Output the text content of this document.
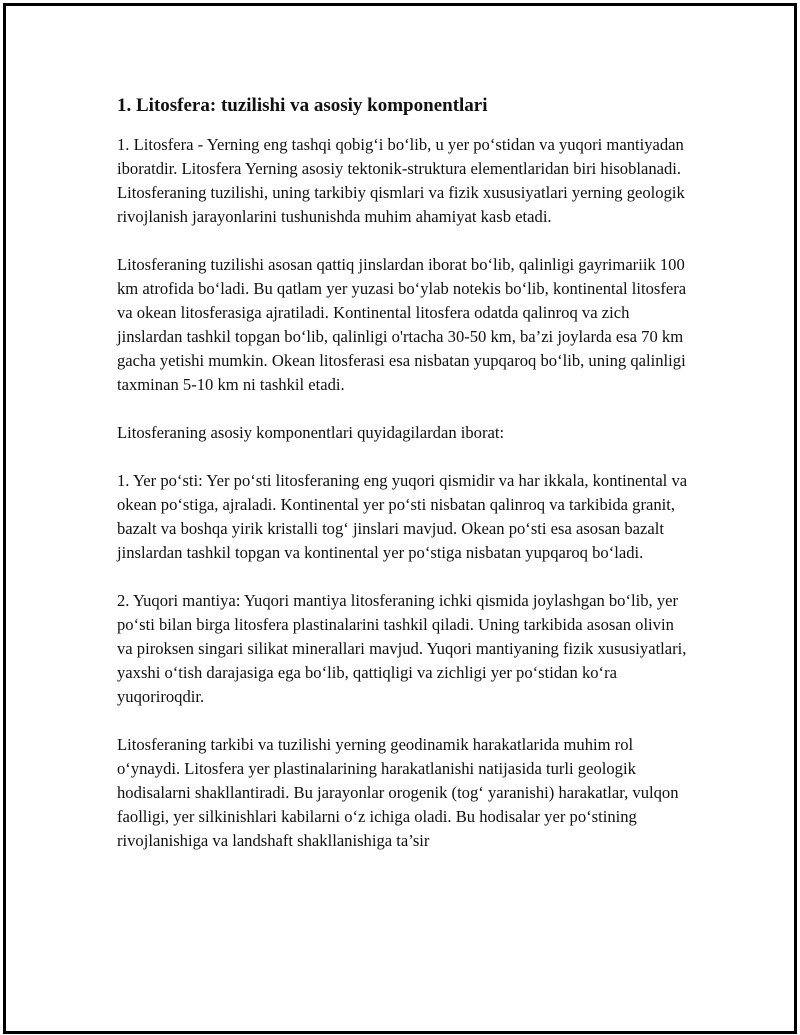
1. Litosfera: tuzilishi va asosiy komponentlari

1. Litosfera - Yerning eng tashqi qobig‘i bo‘lib, u yer po‘stidan va yuqori mantiyadan iboratdir. Litosfera Yerning asosiy tektonik-struktura elementlaridan biri hisoblanadi. Litosferaning tuzilishi, uning tarkibiy qismlari va fizik xususiyatlari yerning geologik rivojlanish jarayonlarini tushunishda muhim ahamiyat kasb etadi.

Litosferaning tuzilishi asosan qattiq jinslardan iborat bo‘lib, qalinligi gayrimariik 100 km atrofida bo‘ladi. Bu qatlam yer yuzasi bo‘ylab notekis bo‘lib, kontinental litosfera va okean litosferasiga ajratiladi. Kontinental litosfera odatda qalinroq va zich jinslardan tashkil topgan bo‘lib, qalinligi o'rtacha 30-50 km, ba’zi joylarda esa 70 km gacha yetishi mumkin. Okean litosferasi esa nisbatan yupqaroq bo‘lib, uning qalinligi taxminan 5-10 km ni tashkil etadi.

Litosferaning asosiy komponentlari quyidagilardan iborat:

1. Yer po‘sti: Yer po‘sti litosferaning eng yuqori qismidir va har ikkala, kontinental va okean po‘stiga, ajraladi. Kontinental yer po‘sti nisbatan qalinroq va tarkibida granit, bazalt va boshqa yirik kristalli tog‘ jinslari mavjud. Okean po‘sti esa asosan bazalt jinslardan tashkil topgan va kontinental yer po‘stiga nisbatan yupqaroq bo‘ladi.

2. Yuqori mantiya: Yuqori mantiya litosferaning ichki qismida joylashgan bo‘lib, yer po‘sti bilan birga litosfera plastinalarini tashkil qiladi. Uning tarkibida asosan olivin va piroksen singari silikat minerallari mavjud. Yuqori mantiyaning fizik xususiyatlari, yaxshi o‘tish darajasiga ega bo‘lib, qattiqligi va zichligi yer po‘stidan ko‘ra yuqoriroqdir.

Litosferaning tarkibi va tuzilishi yerning geodinamik harakatlarida muhim rol o‘ynaydi. Litosfera yer plastinalarining harakatlanishi natijasida turli geologik hodisalarni shakllantiradi. Bu jarayonlar orogenik (tog‘ yaranishi) harakatlar, vulqon faolligi, yer silkinishlari kabilarni o‘z ichiga oladi. Bu hodisalar yer po‘stining rivojlanishiga va landshaft shakllanishiga ta’sir
